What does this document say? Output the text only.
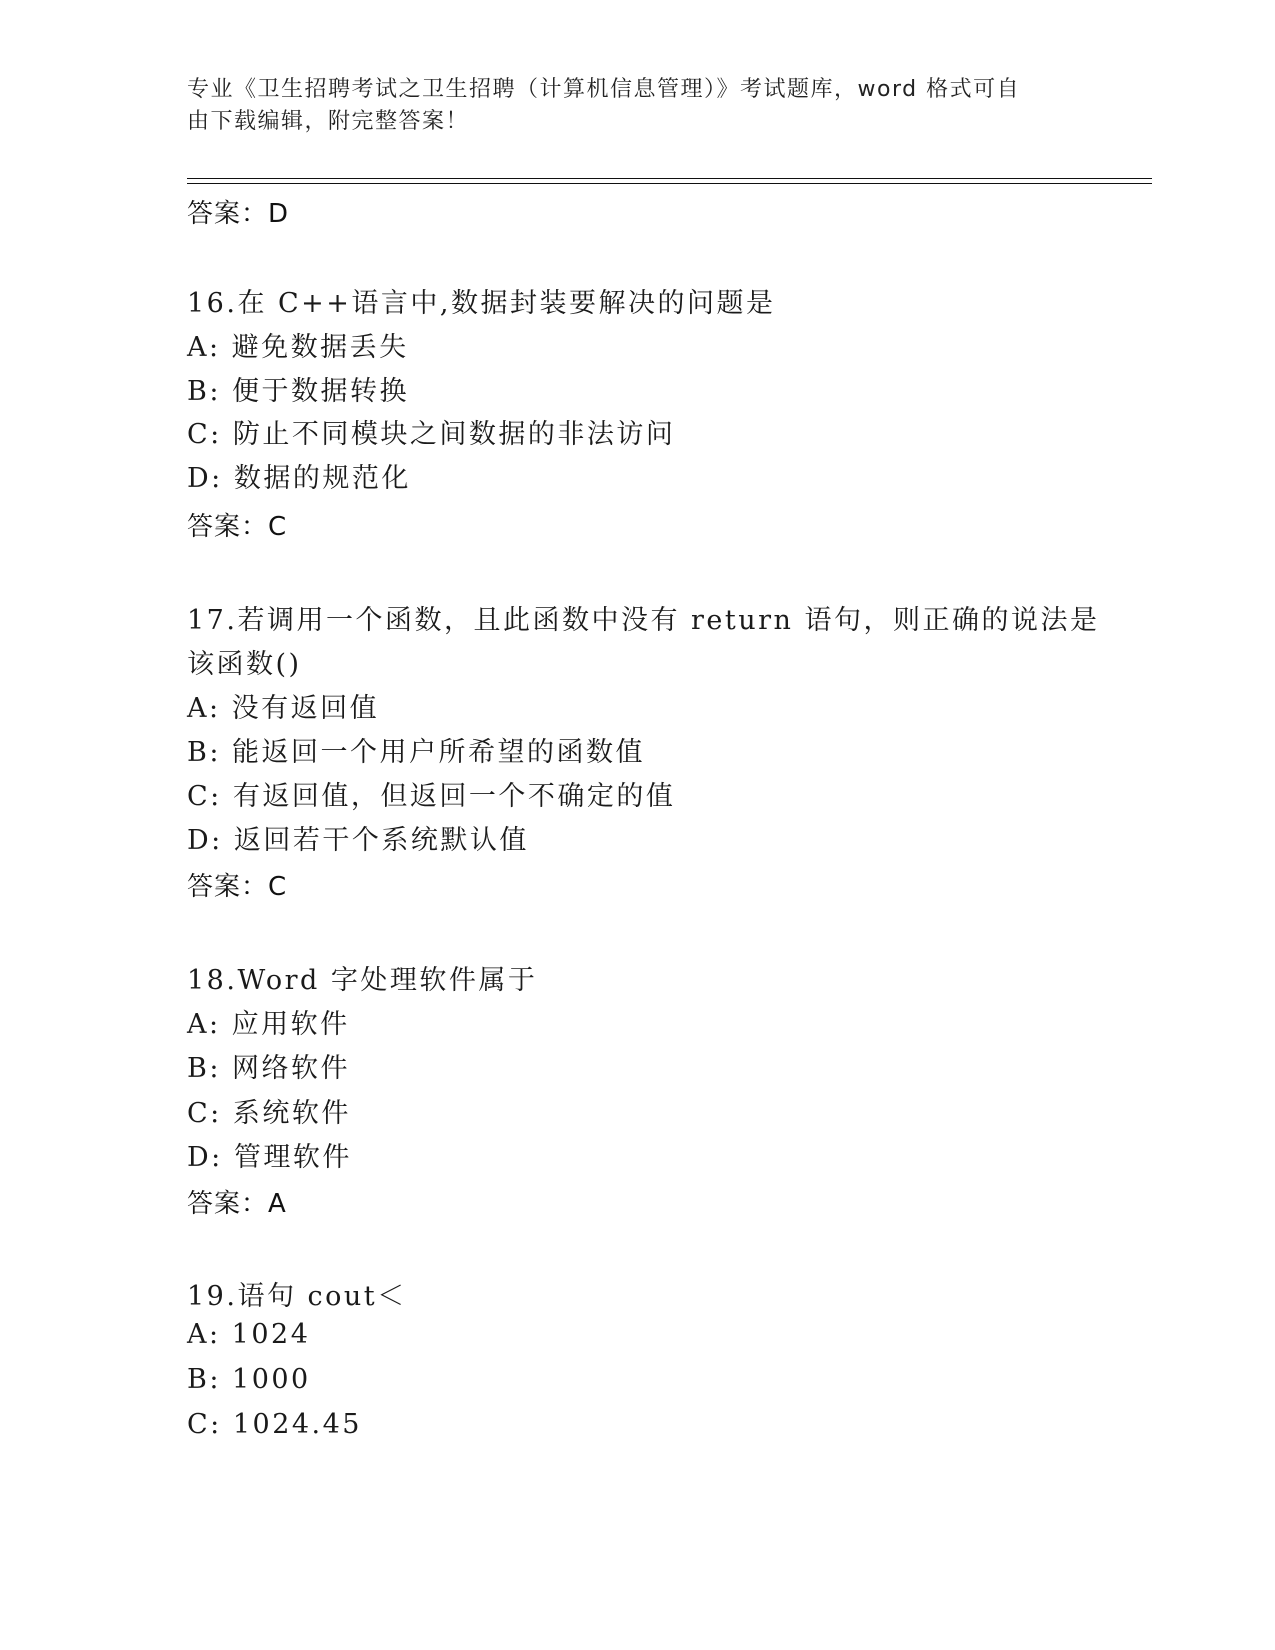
专业《卫生招聘考试之卫生招聘（计算机信息管理）》考试题库，word 格式可自
由下载编辑，附完整答案！
答案：D
16.在 C++语言中,数据封装要解决的问题是
A: 避免数据丢失
B: 便于数据转换
C: 防止不同模块之间数据的非法访问
D: 数据的规范化
答案：C
17.若调用一个函数，且此函数中没有 return 语句，则正确的说法是
该函数()
A: 没有返回值
B: 能返回一个用户所希望的函数值
C: 有返回值，但返回一个不确定的值
D: 返回若干个系统默认值
答案：C
18.Word 字处理软件属于
A: 应用软件
B: 网络软件
C: 系统软件
D: 管理软件
答案：A
19.语句 cout＜
A: 1024
B: 1000
C: 1024.45
